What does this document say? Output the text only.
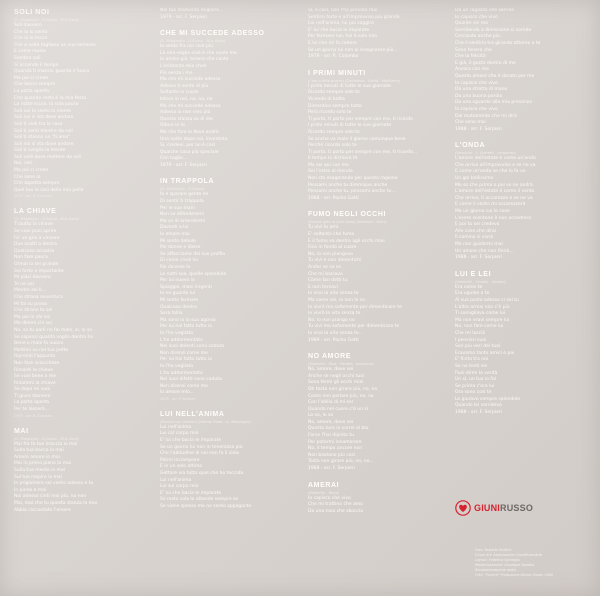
SOLI NOI
(G. Malgioglio - G.Russo - M.A.Sisini)
Soli davvero
Che io lo sento
Che io lo tocco
Che a volte tagliano un suo lamento
E come muoio
Sembra soli
Si accende il tempo
Quando ti manca, guarda il fuoco
Ma poi ci crede
Che lascio sempre
La porta aperta
Che quando resta è la mia festa
La notte scura, la sola paura
Soli noi la sento la mente
Soli noi si sta dove andare
Soli ti vedi tra le case
Soli ti senti mentre da soli
Soli ti stanno un "ti amo"
Soli noi si sta dove andare
Soli ti sveglia la mente
Soli vedi dove mettere da soli
Noi, soli
Ma poi ci crede
Che sono io
Che aspetto sempre
Quel tuo io così della mia pelle
1979 - arr. R. Colombo
LA CHIAVE
(G. Malgioglio - G.Russo - M.A.Sisini)
Ti butto la chiave
Se vuoi puoi aprire
Fa' un giro a vincere
Due scatti a destra
Qualcosa accadrà
Non fare paura
Ormai io sei grande
Sei forte e importante
Mi piaci davvero
Te ne vai
Mentre sei lì...
Che strana avventura
Mi fai su prova
Che strano tu sei
Ma poi in chi sei
Ma dimmi chi sei
No, se tu parli ne fai male, sì, lo so
Se sapessi quanta voglia dentro ho
Bene o male fa nuovo
Mettimi su nel tuo petto
Riprendi l'appunto
Non fare scioccheze
Rimanti le chiave
Se vuoi bene a me
Ridammi la chiave
Se dopo mi vuoi
Ti giuro davvero
La porta aperta
Per te lascerò...
1979 - arr. R. Colombo
MAI
(G. Malgioglio - G.Russo - M.A.Sisini)
Mai fra te tue braccia io mai
Sulla tua bocca io mai
Amore amore io mai
Mai in primo piano io mai
Sulla tua mente io mai
Sul tuo respiro io mai
In prigioniero sei vento adesso e tu
In pinne e mai
Noi adesso cinti mai più, no non
Mai, mai che tu questa stanza lo mai
Abbia raccontato l'amore
Nel tuo momento migliore...
1979 - arr. F. Serpieri
CHE MI SUCCEDE ADESSO
(G. Malgioglio - G.Russo - M.A.Sisini)
Io sento fra noi cioè più
La mia voglia cioè è che vuole me
Io amico già, tenere che canto
L'orizzonte mia cheè
Più senza i me
Ma che mi succede adesso
Adesso ti sento di più
Soltanto io cuore
Intero in noi, no, no, no
Ma che mi succede adesso
Adesso io non vivo più
Questa stanza so di me
Odore io te
Ma che fare io dove andrò
Una notte dopo noi, inventato
Si, credevi, per lui è così
Qualche cosa più speciale
Con taglio...
1979 - arr. F. Serpieri
IN TRAPPOLA
(G. Malgioglio - G.Russo)
Io e sparare gente ne
Di sentir ti trappola
Per le sue mani
Non so difenderemi
Ma so di arrendermi
Davanti a lui
Io amore mio
Mi sento debole
Poi donne e libere
Se affacciamo dal suo profilo
Di come credi lui
Poi dicesse le
Le notti sue, quelle splendide
Per lui nuovo io
Spiaggie, mani lingenti
Io ne guardo lui
Mi sento fermare
Qualcosa dentro
Sarà follia
Ma sono io la sua agonia
Per lui hai fatto tutto io
Io l'ho vegliato
L'ho addormentato
Nei suoi dolenti sono caduta
Non dirensi come me
Per lui hai fatto tutto io
Io l'ho vegliato
L'ho addormentato
Nei suoi difetti sono caduta
Non dirensi come me
Io amore mio...
1979 - arr. F. Serpieri
LUI NELL'ANIMA
(Ricordi con lirisimo) (Jeremy Road - G. Malgioglio)
Lui nell'anima
Lui col corpo mio
E' lui che bacia le imparate
Se un giorno lui non in tenerezza più
Che l'abitudine di noi non fa il cielo
Potrei inciampare
E in un solo attimo
Gettare via tutto quel che ho toccato
Lui nell'anima
Lui sul corpo mio
E' lui che bacia le imparate
Se resto sola lo attendo sempre se
Se viene spesso me ne sento appagante
Sì, è così, non l'ho provato mai
Sentirsi forte e all'improvviso più grande
Lui nell'anima, lui poi soggiro
E' lui che bacia le imparate
Per fermare noi, hai è solo mio
E lui che mi fa cadere
Se un giorno lui non ai insegnasse più...
1979 - arr. R. Colombo
I PRIMI MINUTI
(I am a little prayer) (Calabrese - Dortà - Malfarem)
I primi minuti di tutte le sue giornate
Ricordo sempre solo te
Vicendo di botta
Dimentico sempre tutto
Però ricordo solo te
Ti porto, ti porto per sempre con me, ti ricordo
I primi minuti di tutte le sue giornate
Ricordo sempre solo te
Se anche va male il giorno comunque bene
Perché ricordo solo te
Ti porto, ti porto per sempre con me, ti ricordo...
Il tempo lo dichiara tè
Ma sei qui con me
Sei l'ostro al mondo
Non sto esagerando per questa ragione
Pensami anche tu dimmique anche
Pensami anche tu, pensami anche tu...
1988 - arr. Pocho Gatti
FUMO NEGLI OCCHI
(Smoke gets in your eyes) (Harbach - Kern)
Tu vivi tu ami
E' soltanto che fumo
E il fumo va dentro agli occhi miei
Fino in fondo al cuore
No, io non piangevo
Tu vivi e non dimentichi
Andar se sa se
Che mi baciava
Come fan detti tu
E non tornavi
Io vivo la vita senza te
Ma come sei, io non lo so
Io vivrò ma sofamente per dimenticare te
Io vivrò la vita senza te
No, io non piango no
Tu vivi ma sofamente per dimenticare te
Io vivo la vita senza te...
1989 - arr. Pocho Gatti
NO AMORE
(Valentini - Riva - Peralta - Jalquento)
No, amore, dove sei
Anche se negli occhi tuoi
Sono fermi gli occhi miei
Oh testa non girare più, no, no
Come non parlare più, no, no
Con l'idillio di mi ser
Quando nel cuore c'è un sì
Lo so, lo so
No, amore, dove sei
Questa luce io vorrei al blu
Forse l'hai dipinto tu
Per potermi innamorare
No, il tempo ancore non
Non bastano più così
Testa non girare più, no, no...
1988 - arr. F. Serpieri
AMERAI
(Valentini - Ruva)
Io capisco che vivo
Che mi trattino che amo
Da una rosa che sboccia
Da un ragazzo che sorride
Io capisco che vivo
Quante sei ma
Sorridendo a dimissione si sorride
Cercando anche più
Che il sentirlo tra girando attorno a te
Sono tenera che
Che la felicità
E già, il gusto dentro di me
Ancora con me
Questo amore che è dorato per me
Io capisco che vivo
Da una stretta di mano
Da una buona parola
Da uno sguardo alla mia presenza
Io capisco che vivo
Dal mutamento che mi dirà
Che sono mai
1988 - arr. F. Serpieri
L'ONDA
(Valentini - L. Garretti - Jalquento)
L'amore dell'estate è come un'onda
Che arriva all'improvviso e se ne va
E come un'onda se che lo fa un
Un gol bellissimo
Ma so che prima o poi se ne andrà
L'amore dell'estate è come il vento
Che arriva, ti accarezza e se ne va
E come il vento mi accarezzerà
Ma un giorno cui le cose
L'esere scentone è non accedrerà
E poi tu sei credevo
Alle cose che dirai
Il camino si vivrà
Ma non guidarmi mai
Un amore che non finirà...
1988 - arr. F. Serpieri
LUI E LEI
(Valentini - Charlio - Sereno)
Era come te
Era ugulae a te
Al suo posto adesso ci sei tu
L'altro ormai non c'è più
Ti somigliava come lui
Ma non eravi sempre lui
No, non fare come lui
Che mi lasciò
I pensieri suoi
Son più veri dei tuoi
Eravamo tanto amici e poi
E' finita tra noi
Se no tenti sei
Puoi dirmi la verità
Un sì, un tuo io fai
Se prima c'era lui
Ora sono così te
Lo giuravo sempre splendide
Quando lei sorrideva
1988 - arr. F. Serpieri
GIUNIRUSSO
Foto: Roberto Rollichi
Cover Art: Associazione GiuniRussoArte
Layout: Federica Spinaglio
Masterizzazione: Giuseppe Spadea
Rimasterizzazione audio
Foto: "Fonere" Produzione Divina Studio 1988
